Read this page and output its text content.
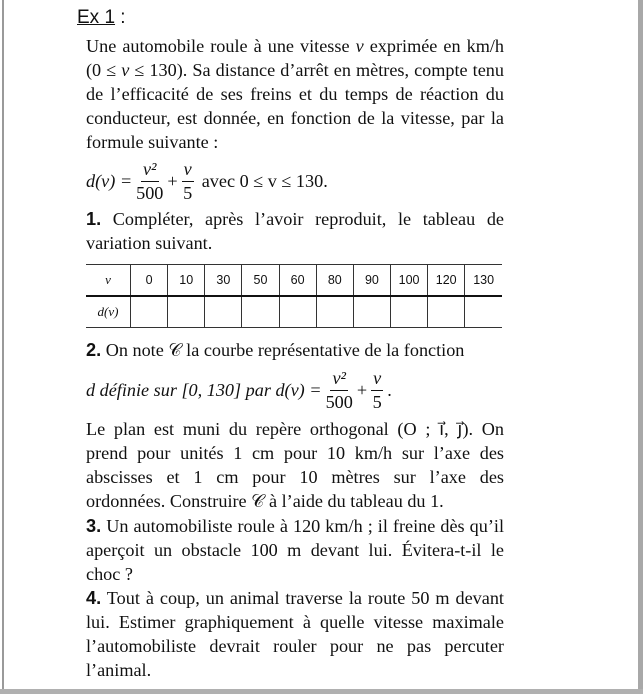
Ex 1 :
Une automobile roule à une vitesse v exprimée en km/h (0 ≤ v ≤ 130). Sa distance d’arrêt en mètres, compte tenu de l’efficacité de ses freins et du temps de réaction du conducteur, est donnée, en fonction de la vitesse, par la formule suivante :
$d(v) = \frac{\text{v²}}{500} + \frac{v}{5}$ avec 0 ≤ v ≤ 130.
1. Compléter, après l’avoir reproduit, le tableau de variation suivant.
v	0	10	30	50	60	80	90	100	120	130
d(v)										
2. On note 𝒞 la courbe représentative de la fonction
d définie sur [0, 130] par $d(v) = \frac{\text{v²}}{500} + \frac{v}{5}$ .
Le plan est muni du repère orthogonal (O ; i⃗, j⃗). On prend pour unités 1 cm pour 10 km/h sur l’axe des abscisses et 1 cm pour 10 mètres sur l’axe des ordonnées. Construire 𝒞 à l’aide du tableau du 1.
3. Un automobiliste roule à 120 km/h ; il freine dès qu’il aperçoit un obstacle 100 m devant lui. Évitera-t-il le choc ?
4. Tout à coup, un animal traverse la route 50 m devant lui. Estimer graphiquement à quelle vitesse maximale l’automobiliste devrait rouler pour ne pas percuter l’animal.
